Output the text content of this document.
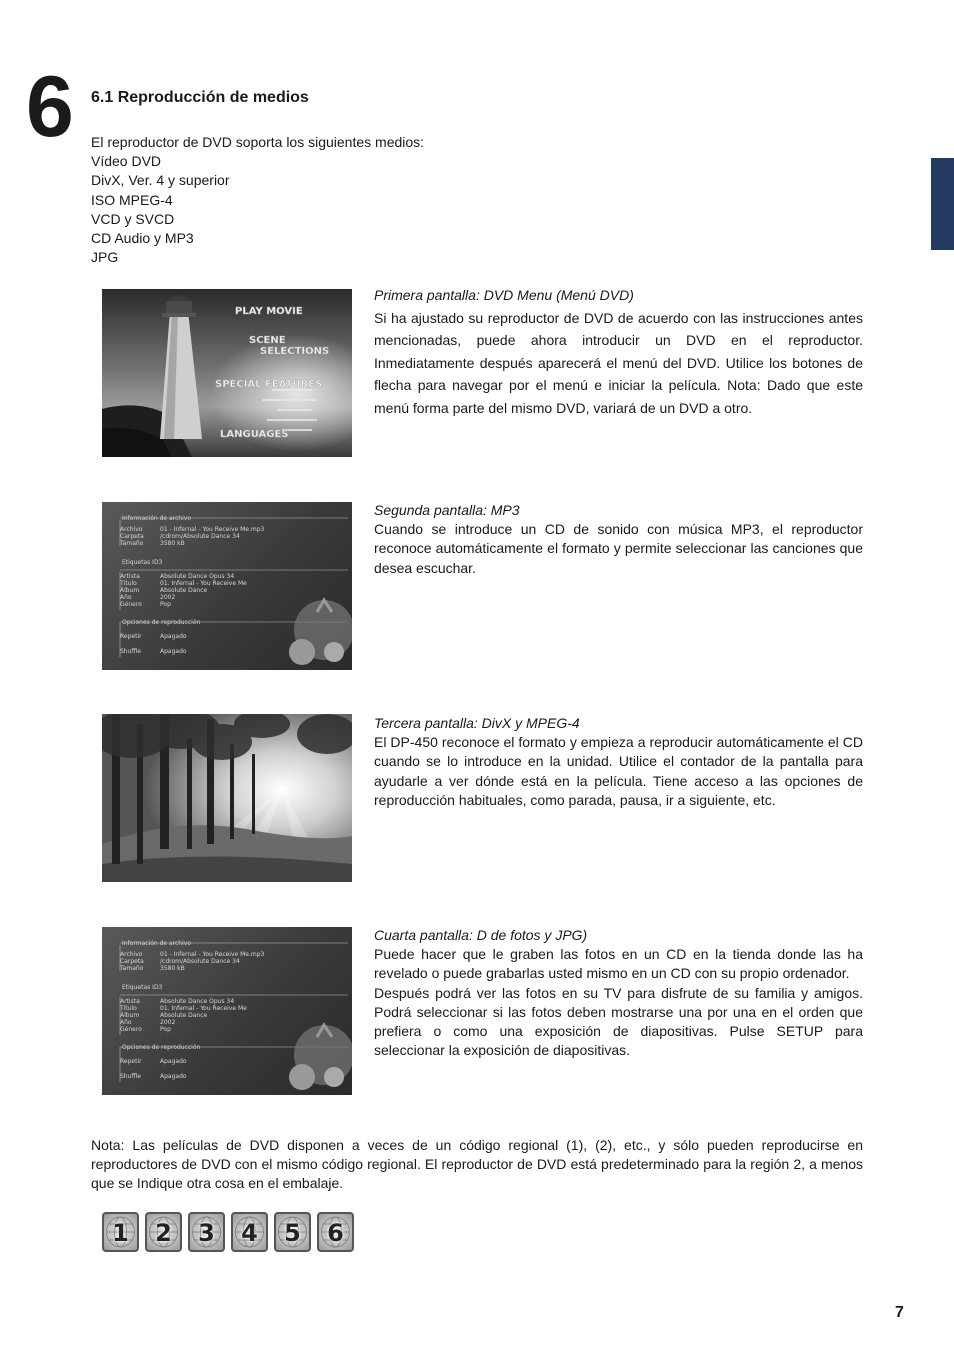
6 6.1 Reproducción de medios
El reproductor de DVD soporta los siguientes medios:
Vídeo DVD
DivX, Ver. 4 y superior
ISO MPEG-4
VCD y SVCD
CD Audio y MP3
JPG
PLAY MOVIE
SCENE
SELECTIONS
SPECIAL FEATURES
LANGUAGES
Primera pantalla: DVD Menu (Menú DVD)
Si ha ajustado su reproductor de DVD de acuerdo con las instrucciones antes mencionadas, puede ahora introducir un DVD en el reproductor. Inmediatamente después aparecerá el menú del DVD. Utilice los botones de flecha para navegar por el menú e iniciar la película. Nota: Dado que este menú forma parte del mismo DVD, variará de un DVD a otro.
Información de archivo
Archivo	01 - Infernal - You Receive Me.mp3
Carpeta	/cdrom/Absolute Dance 34
Tamaño	3580 kB
Etiquetas ID3
Artista	Absolute Dance Opus 34
Título	01. Infernal - You Receive Me
Álbum	Absolute Dance
Año	2002
Género	Pop
Opciones de reproducción
Repetir	Apagado
Shuffle	Apagado
Segunda pantalla: MP3
Cuando se introduce un CD de sonido con música MP3, el reproductor reconoce automáticamente el formato y permite seleccionar las canciones que desea escuchar.
Tercera pantalla: DivX y MPEG-4
El DP-450 reconoce el formato y empieza a reproducir automáticamente el CD cuando se lo introduce en la unidad. Utilice el contador de la pantalla para ayudarle a ver dónde está en la película. Tiene acceso a las opciones de reproducción habituales, como parada, pausa, ir a siguiente, etc.
Información de archivo
Archivo	01 - Infernal - You Receive Me.mp3
Carpeta	/cdrom/Absolute Dance 34
Tamaño	3580 kB
Etiquetas ID3
Artista	Absolute Dance Opus 34
Título	01. Infernal - You Receive Me
Álbum	Absolute Dance
Año	2002
Género	Pop
Opciones de reproducción
Repetir	Apagado
Shuffle	Apagado
Cuarta pantalla: D de fotos y JPG)
Puede hacer que le graben las fotos en un CD en la tienda donde las ha revelado o puede grabarlas usted mismo en un CD con su propio ordenador.
Después podrá ver las fotos en su TV para disfrute de su familia y amigos. Podrá seleccionar si las fotos deben mostrarse una por una en el orden que prefiera o como una exposición de diapositivas. Pulse SETUP para seleccionar la exposición de diapositivas.
Nota: Las películas de DVD disponen a veces de un código regional (1), (2), etc., y sólo pueden reproducirse en reproductores de DVD con el mismo código regional. El reproductor de DVD está predeterminado para la región 2, a menos que se Indique otra cosa en el embalaje.
1	2	3	4	5	6
7
